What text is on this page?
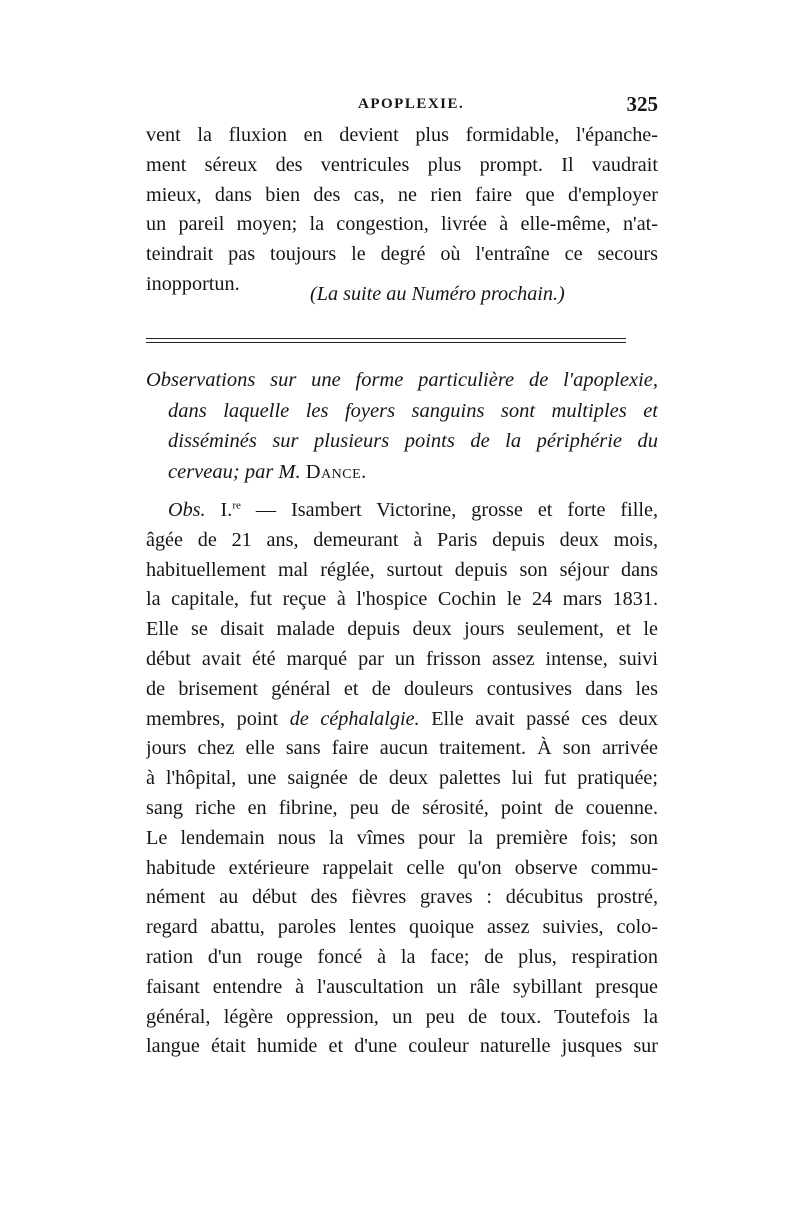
APOPLEXIE.	325
vent la fluxion en devient plus formidable, l'épanche-
ment séreux des ventricules plus prompt. Il vaudrait
mieux, dans bien des cas, ne rien faire que d'employer
un pareil moyen; la congestion, livrée à elle-même, n'at-
teindrait pas toujours le degré où l'entraîne ce secours
inopportun.	(La suite au Numéro prochain.)
Observations sur une forme particulière de l'apoplexie,
dans laquelle les foyers sanguins sont multiples et
disséminés sur plusieurs points de la périphérie du
cerveau; par M. Dance.
Obs. I.$^{re}$ — Isambert Victorine, grosse et forte fille,
âgée de 21 ans, demeurant à Paris depuis deux mois,
habituellement mal réglée, surtout depuis son séjour dans
la capitale, fut reçue à l'hospice Cochin le 24 mars 1831.
Elle se disait malade depuis deux jours seulement, et le
début avait été marqué par un frisson assez intense, suivi
de brisement général et de douleurs contusives dans les
membres, point de céphalalgie. Elle avait passé ces deux
jours chez elle sans faire aucun traitement. À son arrivée
à l'hôpital, une saignée de deux palettes lui fut pratiquée;
sang riche en fibrine, peu de sérosité, point de couenne.
Le lendemain nous la vîmes pour la première fois; son
habitude extérieure rappelait celle qu'on observe commu-
nément au début des fièvres graves : décubitus prostré,
regard abattu, paroles lentes quoique assez suivies, colo-
ration d'un rouge foncé à la face; de plus, respiration
faisant entendre à l'auscultation un râle sybillant presque
général, légère oppression, un peu de toux. Toutefois la
langue était humide et d'une couleur naturelle jusques sur
